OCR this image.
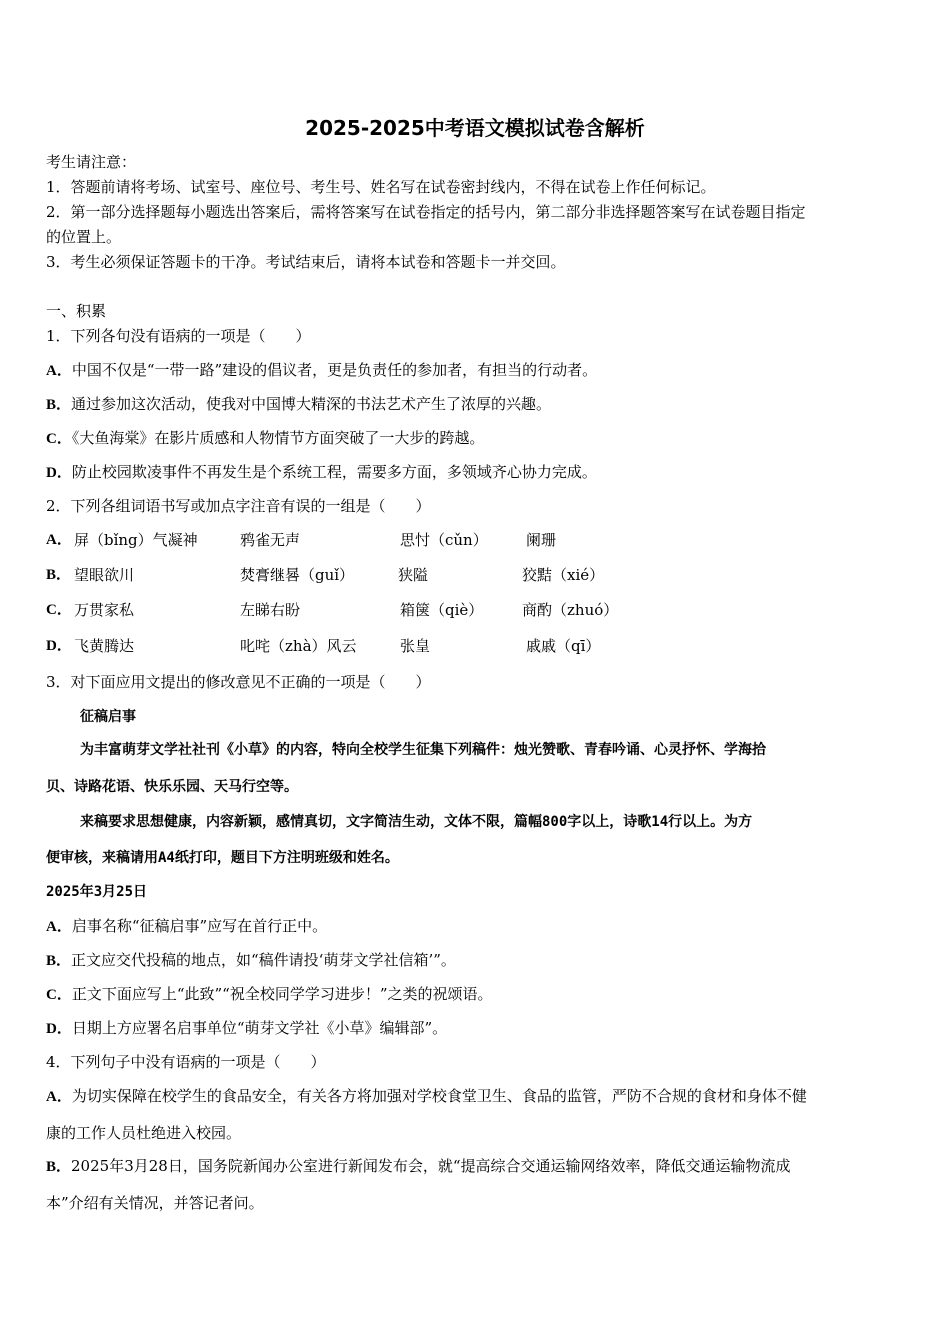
2025-2025中考语文模拟试卷含解析
考生请注意：
1．答题前请将考场、试室号、座位号、考生号、姓名写在试卷密封线内，不得在试卷上作任何标记。
2．第一部分选择题每小题选出答案后，需将答案写在试卷指定的括号内，第二部分非选择题答案写在试卷题目指定
的位置上。
3．考生必须保证答题卡的干净。考试结束后，请将本试卷和答题卡一并交回。
一、积累
1．下列各句没有语病的一项是（　　）
A．中国不仅是“一带一路”建设的倡议者，更是负责任的参加者，有担当的行动者。
B．通过参加这次活动，使我对中国博大精深的书法艺术产生了浓厚的兴趣。
C．《大鱼海棠》在影片质感和人物情节方面突破了一大步的跨越。
D．防止校园欺凌事件不再发生是个系统工程，需要多方面，多领域齐心协力完成。
2．下列各组词语书写或加点字注音有误的一组是（　　）
A． 屏（bǐng）气凝神	鸦雀无声	思忖（cǔn）	阑珊
B． 望眼欲川	焚膏继晷（guǐ）	狭隘	狡黠（xié）
C． 万贯家私	左睇右盼	箱箧（qiè）	商酌（zhuó）
D． 飞黄腾达	叱咤（zhà）风云	张皇	戚戚（qī）
3．对下面应用文提出的修改意见不正确的一项是（　　）
征稿启事
为丰富萌芽文学社社刊《小草》的内容，特向全校学生征集下列稿件：烛光赞歌、青春吟诵、心灵抒怀、学海拾
贝、诗路花语、快乐乐园、天马行空等。
来稿要求思想健康，内容新颖，感情真切，文字简洁生动，文体不限，篇幅800字以上，诗歌14行以上。为方
便审核，来稿请用A4纸打印，题目下方注明班级和姓名。
2025年3月25日
A．启事名称“征稿启事”应写在首行正中。
B．正文应交代投稿的地点，如“稿件请投‘萌芽文学社信箱’”。
C．正文下面应写上“此致”“祝全校同学学习进步！”之类的祝颂语。
D．日期上方应署名启事单位“萌芽文学社《小草》编辑部”。
4．下列句子中没有语病的一项是（　　）
A．为切实保障在校学生的食品安全，有关各方将加强对学校食堂卫生、食品的监管，严防不合规的食材和身体不健
康的工作人员杜绝进入校园。
B．2025年3月28日，国务院新闻办公室进行新闻发布会，就“提高综合交通运输网络效率，降低交通运输物流成
本”介绍有关情况，并答记者问。
